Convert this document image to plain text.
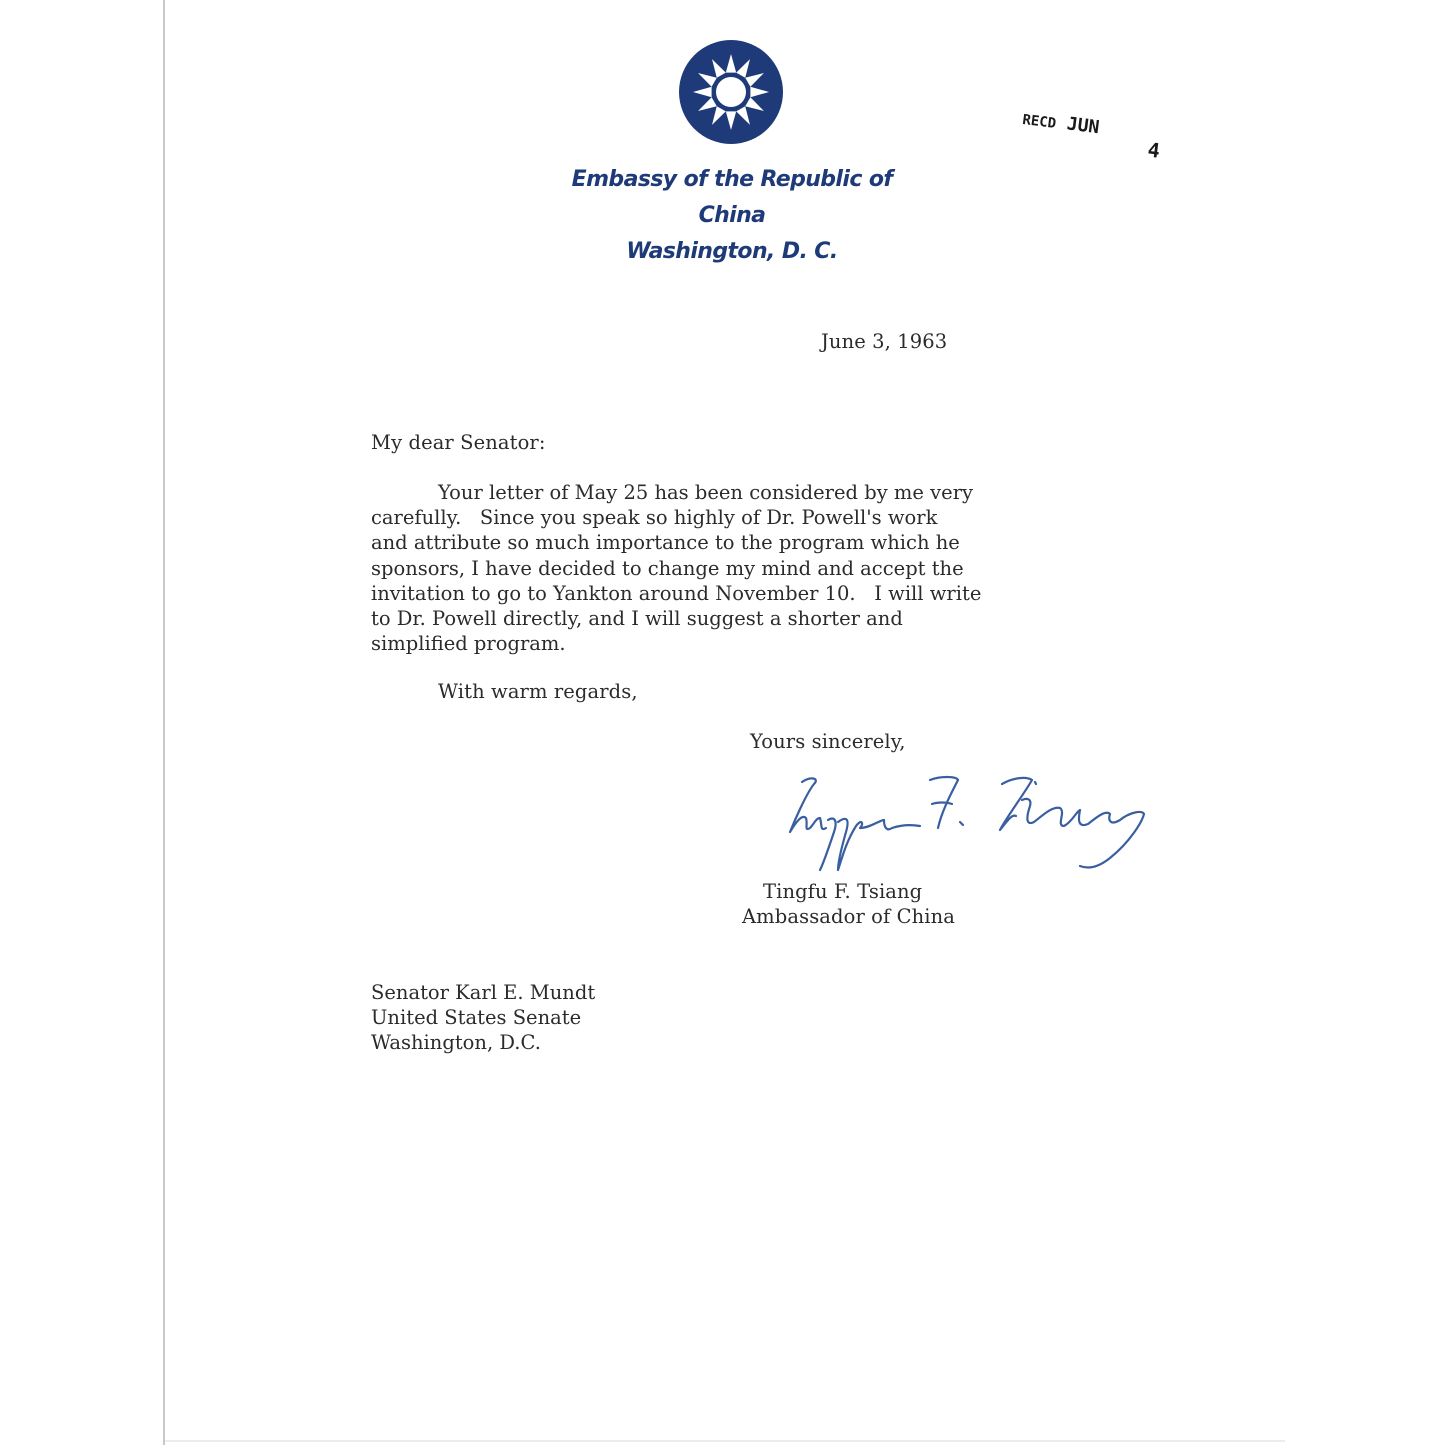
Embassy of the Republic of China
Washington, D. C.
RECD JUN
4
June 3, 1963
My dear Senator:
Your letter of May 25 has been considered by me very
carefully.   Since you speak so highly of Dr. Powell's work
and attribute so much importance to the program which he
sponsors, I have decided to change my mind and accept the
invitation to go to Yankton around November 10.   I will write
to Dr. Powell directly, and I will suggest a shorter and
simplified program.
With warm regards,
Yours sincerely,
Tingfu F. Tsiang
Ambassador of China
Senator Karl E. Mundt
United States Senate
Washington, D.C.
